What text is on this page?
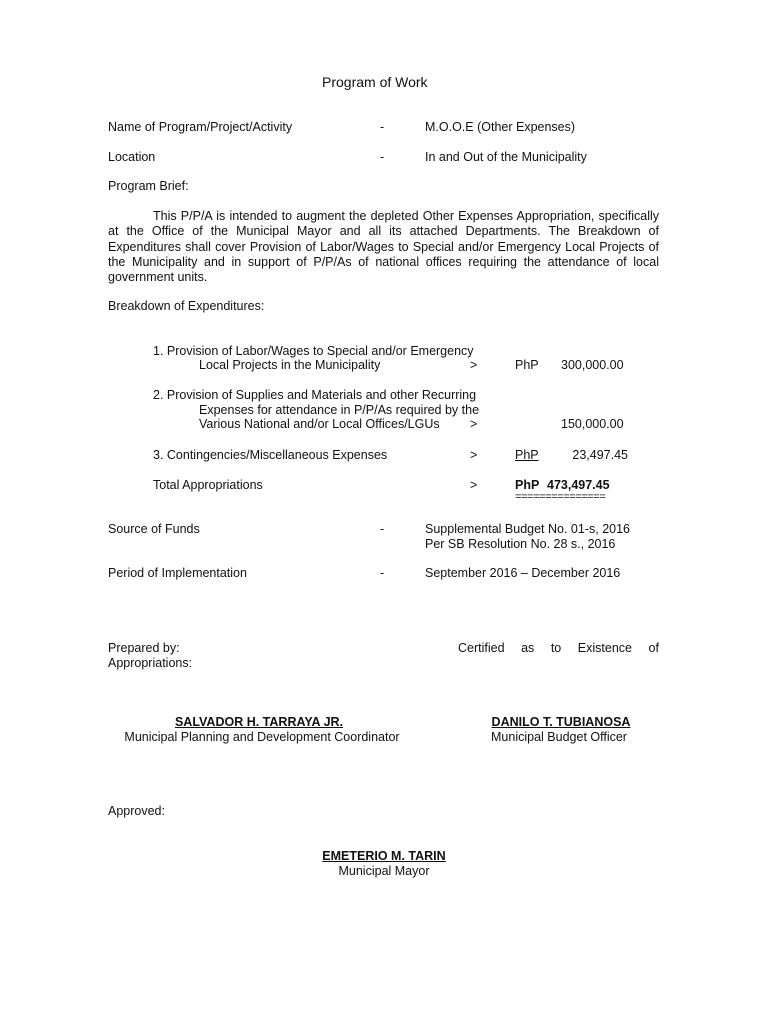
Program of Work
Name of Program/Project/Activity	-	M.O.O.E (Other Expenses)
Location	-	In and Out of the Municipality
Program Brief:
This P/P/A is intended to augment the depleted Other Expenses Appropriation, specifically at the Office of the Municipal Mayor and all its attached Departments. The Breakdown of Expenditures shall cover Provision of Labor/Wages to Special and/or Emergency Local Projects of the Municipality and in support of P/P/As of national offices requiring the attendance of local government units.
Breakdown of Expenditures:
1. Provision of Labor/Wages to Special and/or Emergency
Local Projects in the Municipality	>	PhP 300,000.00
2. Provision of Supplies and Materials and other Recurring
Expenses for attendance in P/P/As required by the
Various National and/or Local Offices/LGUs >	150,000.00
3. Contingencies/Miscellaneous Expenses	>	PhP	23,497.45
Total Appropriations	>	PhP 473,497.45
===============
Source of Funds	-	Supplemental Budget No. 01-s, 2016
Per SB Resolution No. 28 s., 2016
Period of Implementation	-	September 2016 – December 2016
Prepared by:	Certified as to Existence of
Appropriations:
SALVADOR H. TARRAYA JR.
Municipal Planning and Development Coordinator
DANILO T. TUBIANOSA
Municipal Budget Officer
Approved:
EMETERIO M. TARIN
Municipal Mayor
